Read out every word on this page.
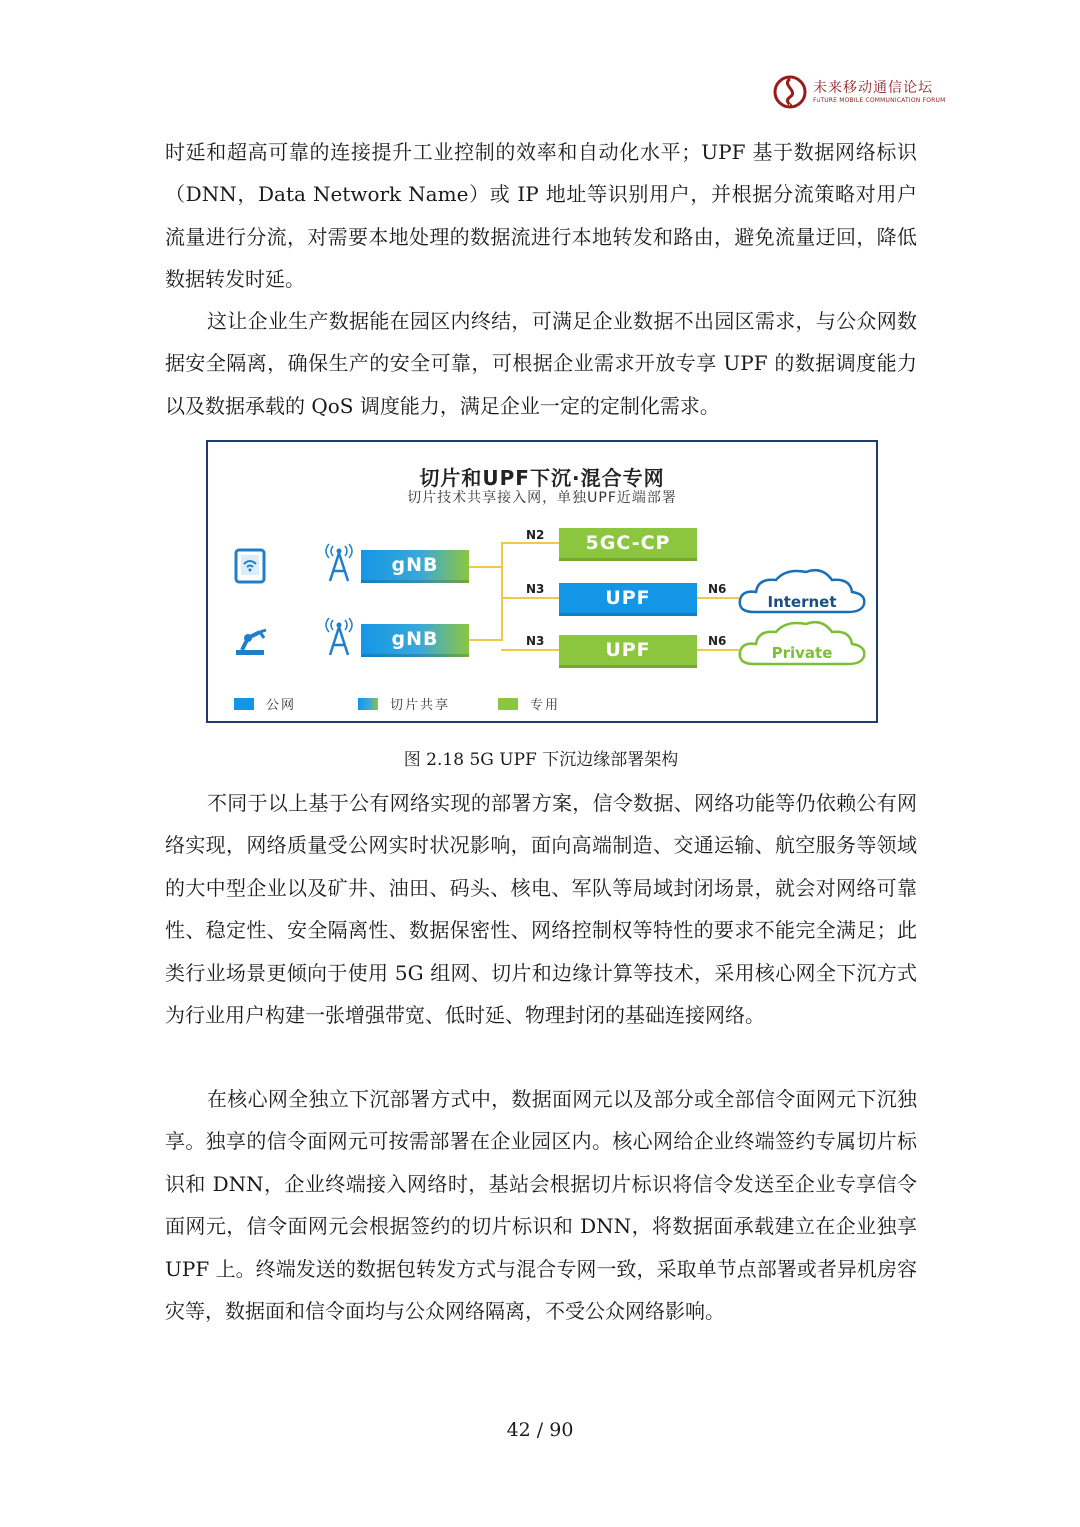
未来移动通信论坛
FuTURE MOBILE COMMUNICATION FORUM

时延和超高可靠的连接提升工业控制的效率和自动化水平；UPF 基于数据网络标识（DNN，Data Network Name）或 IP 地址等识别用户，并根据分流策略对用户流量进行分流，对需要本地处理的数据流进行本地转发和路由，避免流量迂回，降低数据转发时延。

这让企业生产数据能在园区内终结，可满足企业数据不出园区需求，与公众网数据安全隔离，确保生产的安全可靠，可根据企业需求开放专享 UPF 的数据调度能力以及数据承载的 QoS 调度能力，满足企业一定的定制化需求。

切片和UPF下沉·混合专网
切片技术共享接入网，单独UPF近端部署
gNB
gNB
5GC-CP
UPF
UPF
N2
N3
N3
N6
N6
Internet
Private
公网	切片共享	专用
图 2.18 5G UPF 下沉边缘部署架构

不同于以上基于公有网络实现的部署方案，信令数据、网络功能等仍依赖公有网络实现，网络质量受公网实时状况影响，面向高端制造、交通运输、航空服务等领域的大中型企业以及矿井、油田、码头、核电、军队等局域封闭场景，就会对网络可靠性、稳定性、安全隔离性、数据保密性、网络控制权等特性的要求不能完全满足；此类行业场景更倾向于使用 5G 组网、切片和边缘计算等技术，采用核心网全下沉方式为行业用户构建一张增强带宽、低时延、物理封闭的基础连接网络。

在核心网全独立下沉部署方式中，数据面网元以及部分或全部信令面网元下沉独享。独享的信令面网元可按需部署在企业园区内。核心网给企业终端签约专属切片标识和 DNN，企业终端接入网络时，基站会根据切片标识将信令发送至企业专享信令面网元，信令面网元会根据签约的切片标识和 DNN，将数据面承载建立在企业独享 UPF 上。终端发送的数据包转发方式与混合专网一致，采取单节点部署或者异机房容灾等，数据面和信令面均与公众网络隔离，不受公众网络影响。

42 / 90
